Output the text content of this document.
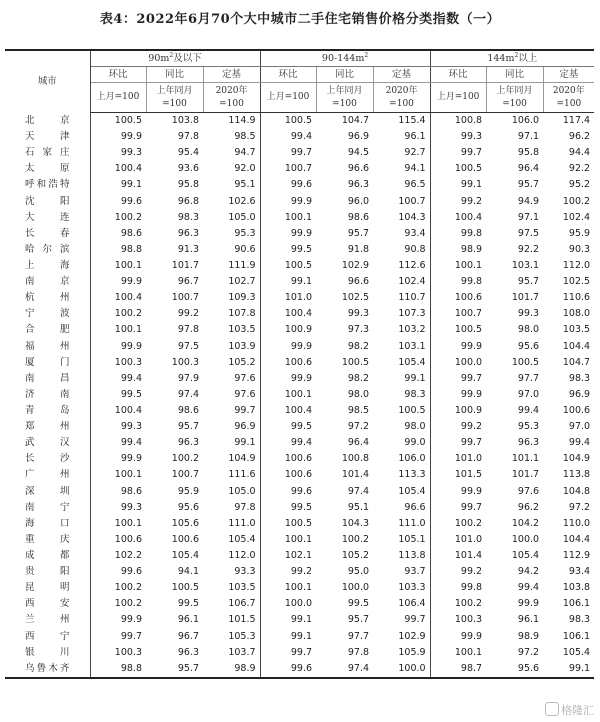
表4：2022年6月70个大中城市二手住宅销售价格分类指数（一）
城市	$90m^2$及以下			$90-144m^2$			$144m^2$以上		
	环比	同比	定基	环比	同比	定基	环比	同比	定基
	上月=100	上年同月=100	2020年=100	上月=100	上年同月=100	2020年=100	上月=100	上年同月=100	2020年=100
北京	100.5	103.8	114.9	100.5	104.7	115.4	100.8	106.0	117.4
天津	99.9	97.8	98.5	99.4	96.9	96.1	99.3	97.1	96.2
石家庄	99.3	95.4	94.7	99.7	94.5	92.7	99.7	95.8	94.4
太原	100.4	93.6	92.0	100.7	96.6	94.1	100.5	96.4	92.2
呼和浩特	99.1	95.8	95.1	99.6	96.3	96.5	99.1	95.7	95.2
沈阳	99.6	96.8	102.6	99.9	96.0	100.7	99.2	94.9	100.2
大连	100.2	98.3	105.0	100.1	98.6	104.3	100.4	97.1	102.4
长春	98.6	96.3	95.3	99.9	95.7	93.4	99.8	97.5	95.9
哈尔滨	98.8	91.3	90.6	99.5	91.8	90.8	98.9	92.2	90.3
上海	100.1	101.7	111.9	100.5	102.9	112.6	100.1	103.1	112.0
南京	99.9	96.7	102.7	99.1	96.6	102.4	99.8	95.7	102.5
杭州	100.4	100.7	109.3	101.0	102.5	110.7	100.6	101.7	110.6
宁波	100.2	99.2	107.8	100.4	99.3	107.3	100.7	99.3	108.0
合肥	100.1	97.8	103.5	100.9	97.3	103.2	100.5	98.0	103.5
福州	99.9	97.5	103.9	99.9	98.2	103.1	99.9	95.6	104.4
厦门	100.3	100.3	105.2	100.6	100.5	105.4	100.0	100.5	104.7
南昌	99.4	97.9	97.6	99.9	98.2	99.1	99.7	97.7	98.3
济南	99.5	97.4	97.6	100.1	98.0	98.3	99.9	97.0	96.9
青岛	100.4	98.6	99.7	100.4	98.5	100.5	100.9	99.4	100.6
郑州	99.3	95.7	96.9	99.5	97.2	98.0	99.2	95.3	97.0
武汉	99.4	96.3	99.1	99.4	96.4	99.0	99.7	96.3	99.4
长沙	99.9	100.2	104.9	100.6	100.8	106.0	101.0	101.1	104.9
广州	100.1	100.7	111.6	100.6	101.4	113.3	101.5	101.7	113.8
深圳	98.6	95.9	105.0	99.6	97.4	105.4	99.9	97.6	104.8
南宁	99.3	95.6	97.8	99.5	95.1	96.6	99.7	96.2	97.2
海口	100.1	105.6	111.0	100.5	104.3	111.0	100.2	104.2	110.0
重庆	100.6	100.6	105.4	100.1	100.2	105.1	101.0	100.0	104.4
成都	102.2	105.4	112.0	102.1	105.2	113.8	101.4	105.4	112.9
贵阳	99.6	94.1	93.3	99.2	95.0	93.7	99.2	94.2	93.4
昆明	100.2	100.5	103.5	100.1	100.0	103.3	99.8	99.4	103.8
西安	100.2	99.5	106.7	100.0	99.5	106.4	100.2	99.9	106.1
兰州	99.9	96.1	101.5	99.1	95.7	99.7	100.3	96.1	98.3
西宁	99.7	96.7	105.3	99.1	97.7	102.9	99.9	98.9	106.1
银川	100.3	96.3	103.7	99.7	97.8	105.9	100.1	97.2	105.4
乌鲁木齐	98.8	95.7	98.9	99.6	97.4	100.0	98.7	95.6	99.1
格隆汇
